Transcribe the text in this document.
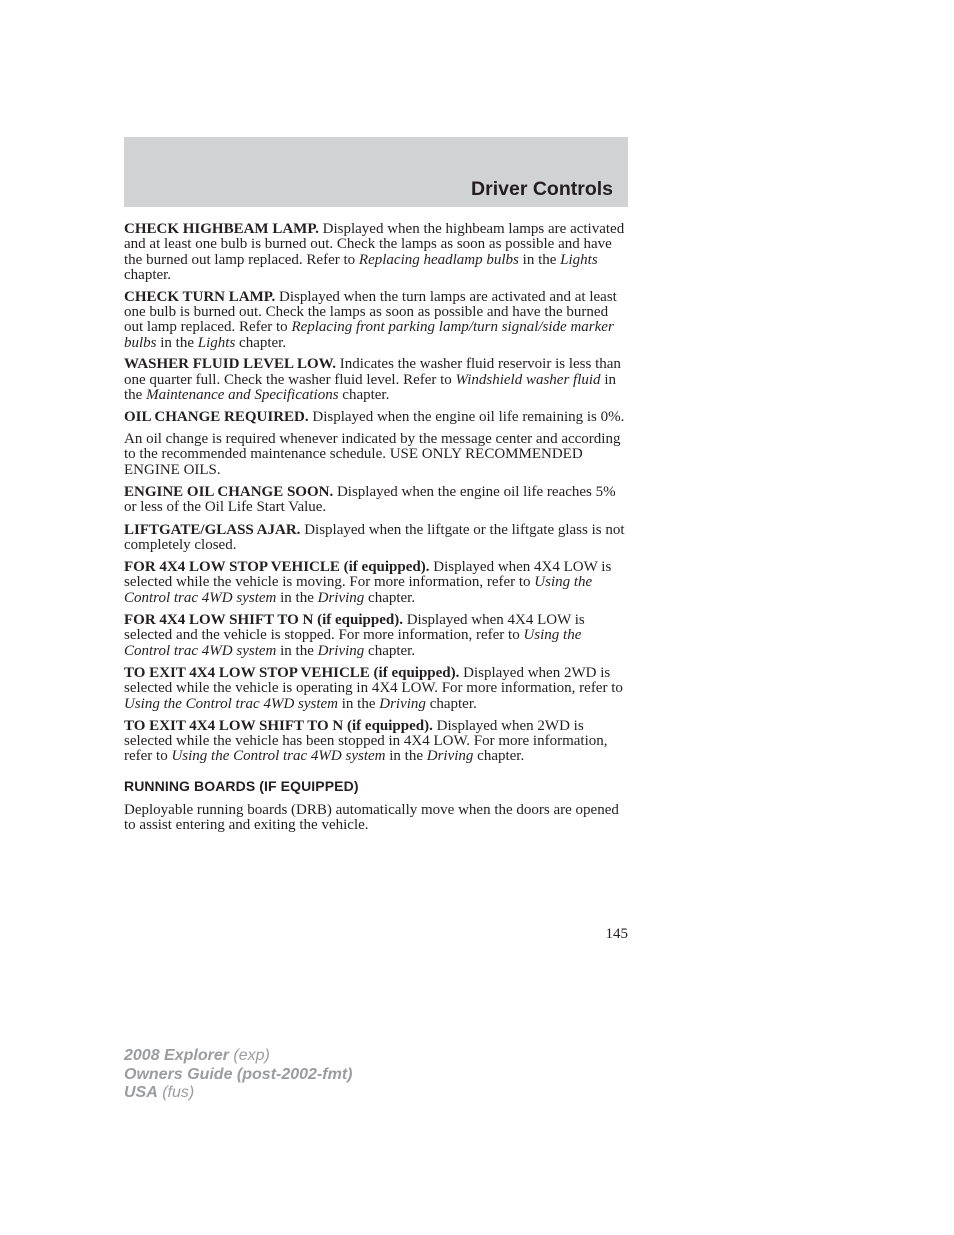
Driver Controls

CHECK HIGHBEAM LAMP. Displayed when the highbeam lamps are activated and at least one bulb is burned out. Check the lamps as soon as possible and have the burned out lamp replaced. Refer to Replacing headlamp bulbs in the Lights chapter.

CHECK TURN LAMP. Displayed when the turn lamps are activated and at least one bulb is burned out. Check the lamps as soon as possible and have the burned out lamp replaced. Refer to Replacing front parking lamp/turn signal/side marker bulbs in the Lights chapter.

WASHER FLUID LEVEL LOW. Indicates the washer fluid reservoir is less than one quarter full. Check the washer fluid level. Refer to Windshield washer fluid in the Maintenance and Specifications chapter.

OIL CHANGE REQUIRED. Displayed when the engine oil life remaining is 0%.

An oil change is required whenever indicated by the message center and according to the recommended maintenance schedule. USE ONLY RECOMMENDED ENGINE OILS.

ENGINE OIL CHANGE SOON. Displayed when the engine oil life reaches 5% or less of the Oil Life Start Value.

LIFTGATE/GLASS AJAR. Displayed when the liftgate or the liftgate glass is not completely closed.

FOR 4X4 LOW STOP VEHICLE (if equipped). Displayed when 4X4 LOW is selected while the vehicle is moving. For more information, refer to Using the Control trac 4WD system in the Driving chapter.

FOR 4X4 LOW SHIFT TO N (if equipped). Displayed when 4X4 LOW is selected and the vehicle is stopped. For more information, refer to Using the Control trac 4WD system in the Driving chapter.

TO EXIT 4X4 LOW STOP VEHICLE (if equipped). Displayed when 2WD is selected while the vehicle is operating in 4X4 LOW. For more information, refer to Using the Control trac 4WD system in the Driving chapter.

TO EXIT 4X4 LOW SHIFT TO N (if equipped). Displayed when 2WD is selected while the vehicle has been stopped in 4X4 LOW. For more information, refer to Using the Control trac 4WD system in the Driving chapter.

RUNNING BOARDS (IF EQUIPPED)

Deployable running boards (DRB) automatically move when the doors are opened to assist entering and exiting the vehicle.

145
2008 Explorer (exp)
Owners Guide (post-2002-fmt)
USA (fus)
